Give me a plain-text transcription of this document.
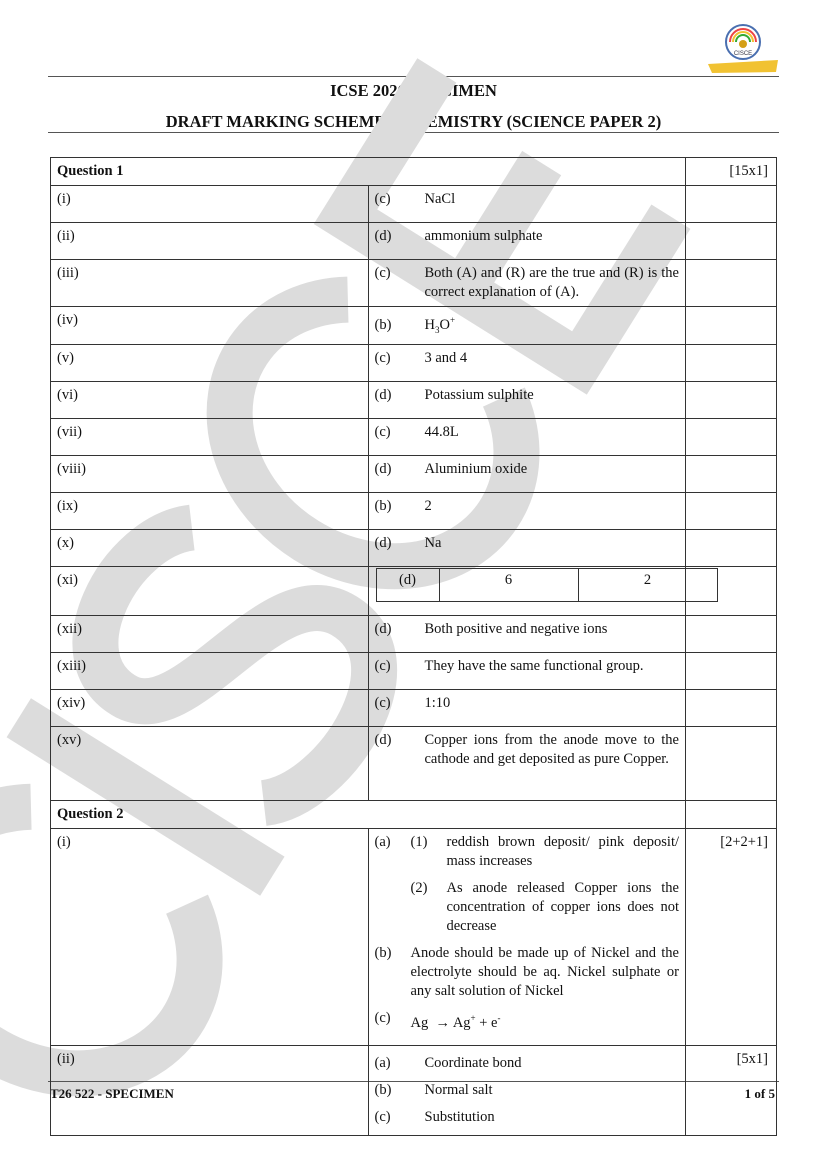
CISCE
ICSE 2026 SPECIMEN
DRAFT MARKING SCHEME – CHEMISTRY (SCIENCE PAPER 2)
Question 1	[15x1]
(i)	(c)	NaCl

(ii)	(d)	ammonium sulphate

(iii)	(c)	Both (A) and (R) are the true and (R) is the correct explanation of (A).

(iv)	(b) $H_3O^+$	
(v)	(c)	3 and 4

(vi)	(d)	Potassium sulphite

(vii)	(c)	44.8L

(viii)	(d)	Aluminium oxide

(ix)	(b)	2

(x)	(d)	Na

(xi)		(d)	6	2

(xii)	(d)	Both positive and negative ions

(xiii)	(c)	They have the same functional group.

(xiv)	(c)	1:10

(xv)	(d)	Copper ions from the anode move to the cathode and get deposited as pure Copper.

Question 2	
(i)	(a)	(1)	reddish brown deposit/ pink deposit/ mass increases
(2)	As anode released Copper ions the concentration of copper ions does not decrease
(b)	Anode should be made up of Nickel and the electrolyte should be aq. Nickel sulphate or any salt solution of Nickel
(c)	Ag → Ag+ + e-
	[2+2+1]
(ii)	(a) Coordinate bond
(b) Normal salt
(c) Substitution
	[5x1]
T26 522 - SPECIMEN	1 of 5
